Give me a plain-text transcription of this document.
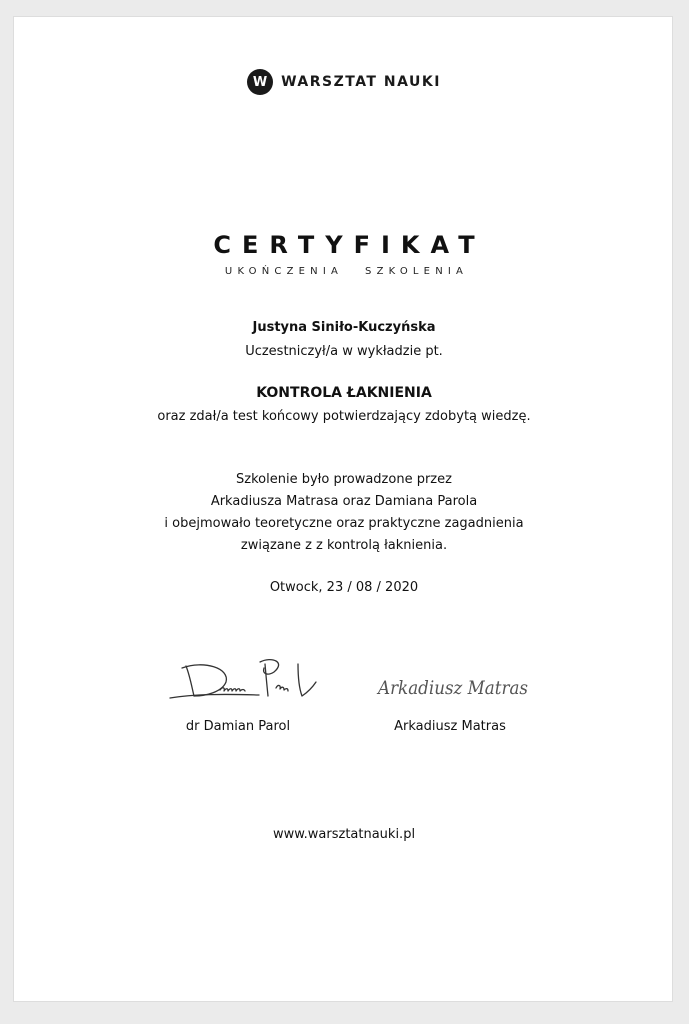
W WARSZTAT NAUKI
CERTYFIKAT
UKOŃCZENIA SZKOLENIA
Justyna Siniło-Kuczyńska
Uczestniczył/a w wykładzie pt.
KONTROLA ŁAKNIENIA
oraz zdał/a test końcowy potwierdzający zdobytą wiedzę.
Szkolenie było prowadzone przez
Arkadiusza Matrasa oraz Damiana Parola
i obejmowało teoretyczne oraz praktyczne zagadnienia
związane z z kontrolą łaknienia.
Otwock, 23 / 08 / 2020
Arkadiusz Matras
dr Damian Parol	Arkadiusz Matras
www.warsztatnauki.pl
